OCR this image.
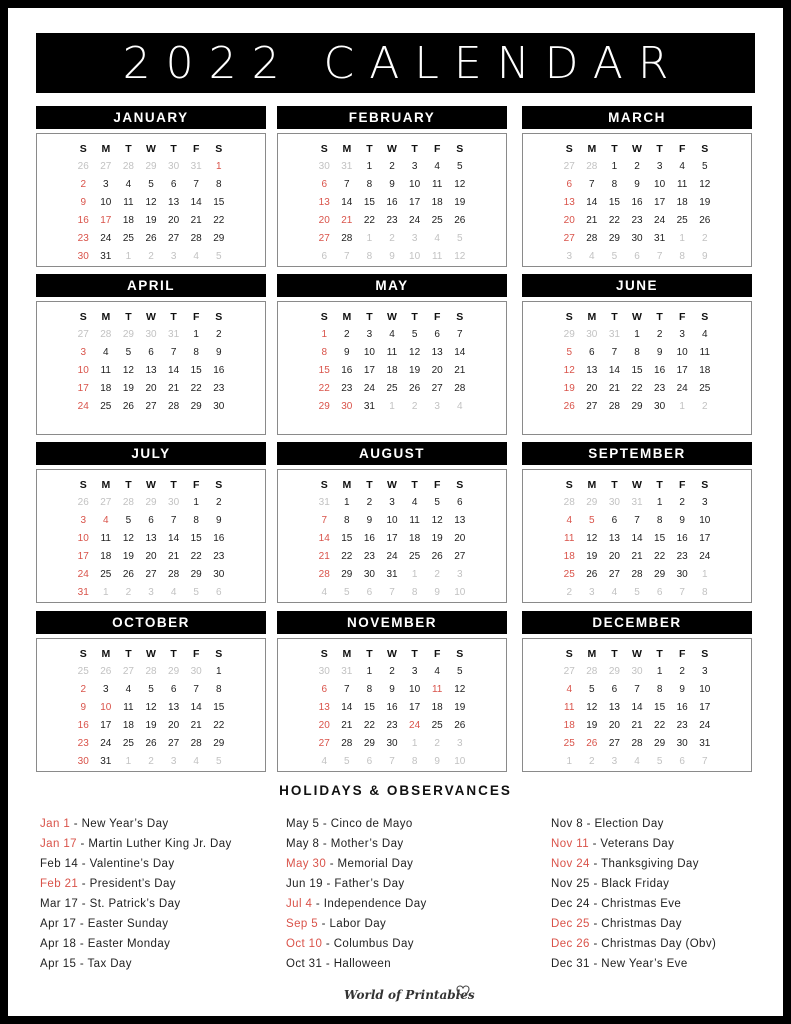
2022 CALENDAR
JANUARY
S	M	T	W	T	F	S
26	27	28	29	30	31	1
2	3	4	5	6	7	8
9	10	11	12	13	14	15
16	17	18	19	20	21	22
23	24	25	26	27	28	29
30	31	1	2	3	4	5
FEBRUARY
S	M	T	W	T	F	S
30	31	1	2	3	4	5
6	7	8	9	10	11	12
13	14	15	16	17	18	19
20	21	22	23	24	25	26
27	28	1	2	3	4	5
6	7	8	9	10	11	12
MARCH
S	M	T	W	T	F	S
27	28	1	2	3	4	5
6	7	8	9	10	11	12
13	14	15	16	17	18	19
20	21	22	23	24	25	26
27	28	29	30	31	1	2
3	4	5	6	7	8	9
APRIL
S	M	T	W	T	F	S
27	28	29	30	31	1	2
3	4	5	6	7	8	9
10	11	12	13	14	15	16
17	18	19	20	21	22	23
24	25	26	27	28	29	30
MAY
S	M	T	W	T	F	S
1	2	3	4	5	6	7
8	9	10	11	12	13	14
15	16	17	18	19	20	21
22	23	24	25	26	27	28
29	30	31	1	2	3	4
JUNE
S	M	T	W	T	F	S
29	30	31	1	2	3	4
5	6	7	8	9	10	11
12	13	14	15	16	17	18
19	20	21	22	23	24	25
26	27	28	29	30	1	2
JULY
S	M	T	W	T	F	S
26	27	28	29	30	1	2
3	4	5	6	7	8	9
10	11	12	13	14	15	16
17	18	19	20	21	22	23
24	25	26	27	28	29	30
31	1	2	3	4	5	6
AUGUST
S	M	T	W	T	F	S
31	1	2	3	4	5	6
7	8	9	10	11	12	13
14	15	16	17	18	19	20
21	22	23	24	25	26	27
28	29	30	31	1	2	3
4	5	6	7	8	9	10
SEPTEMBER
S	M	T	W	T	F	S
28	29	30	31	1	2	3
4	5	6	7	8	9	10
11	12	13	14	15	16	17
18	19	20	21	22	23	24
25	26	27	28	29	30	1
2	3	4	5	6	7	8
OCTOBER
S	M	T	W	T	F	S
25	26	27	28	29	30	1
2	3	4	5	6	7	8
9	10	11	12	13	14	15
16	17	18	19	20	21	22
23	24	25	26	27	28	29
30	31	1	2	3	4	5
NOVEMBER
S	M	T	W	T	F	S
30	31	1	2	3	4	5
6	7	8	9	10	11	12
13	14	15	16	17	18	19
20	21	22	23	24	25	26
27	28	29	30	1	2	3
4	5	6	7	8	9	10
DECEMBER
S	M	T	W	T	F	S
27	28	29	30	1	2	3
4	5	6	7	8	9	10
11	12	13	14	15	16	17
18	19	20	21	22	23	24
25	26	27	28	29	30	31
1	2	3	4	5	6	7
HOLIDAYS & OBSERVANCES
Jan 1 - New Year’s Day
Jan 17 - Martin Luther King Jr. Day
Feb 14 - Valentine’s Day
Feb 21 - President’s Day
Mar 17 - St. Patrick’s Day
Apr 17 - Easter Sunday
Apr 18 - Easter Monday
Apr 15 - Tax Day
May 5 - Cinco de Mayo
May 8 - Mother’s Day
May 30 - Memorial Day
Jun 19 - Father’s Day
Jul 4 - Independence Day
Sep 5 - Labor Day
Oct 10 - Columbus Day
Oct 31 - Halloween
Nov 8 - Election Day
Nov 11 - Veterans Day
Nov 24 - Thanksgiving Day
Nov 25 - Black Friday
Dec 24 - Christmas Eve
Dec 25 - Christmas Day
Dec 26 - Christmas Day (Obv)
Dec 31 - New Year’s Eve
World of Printables
